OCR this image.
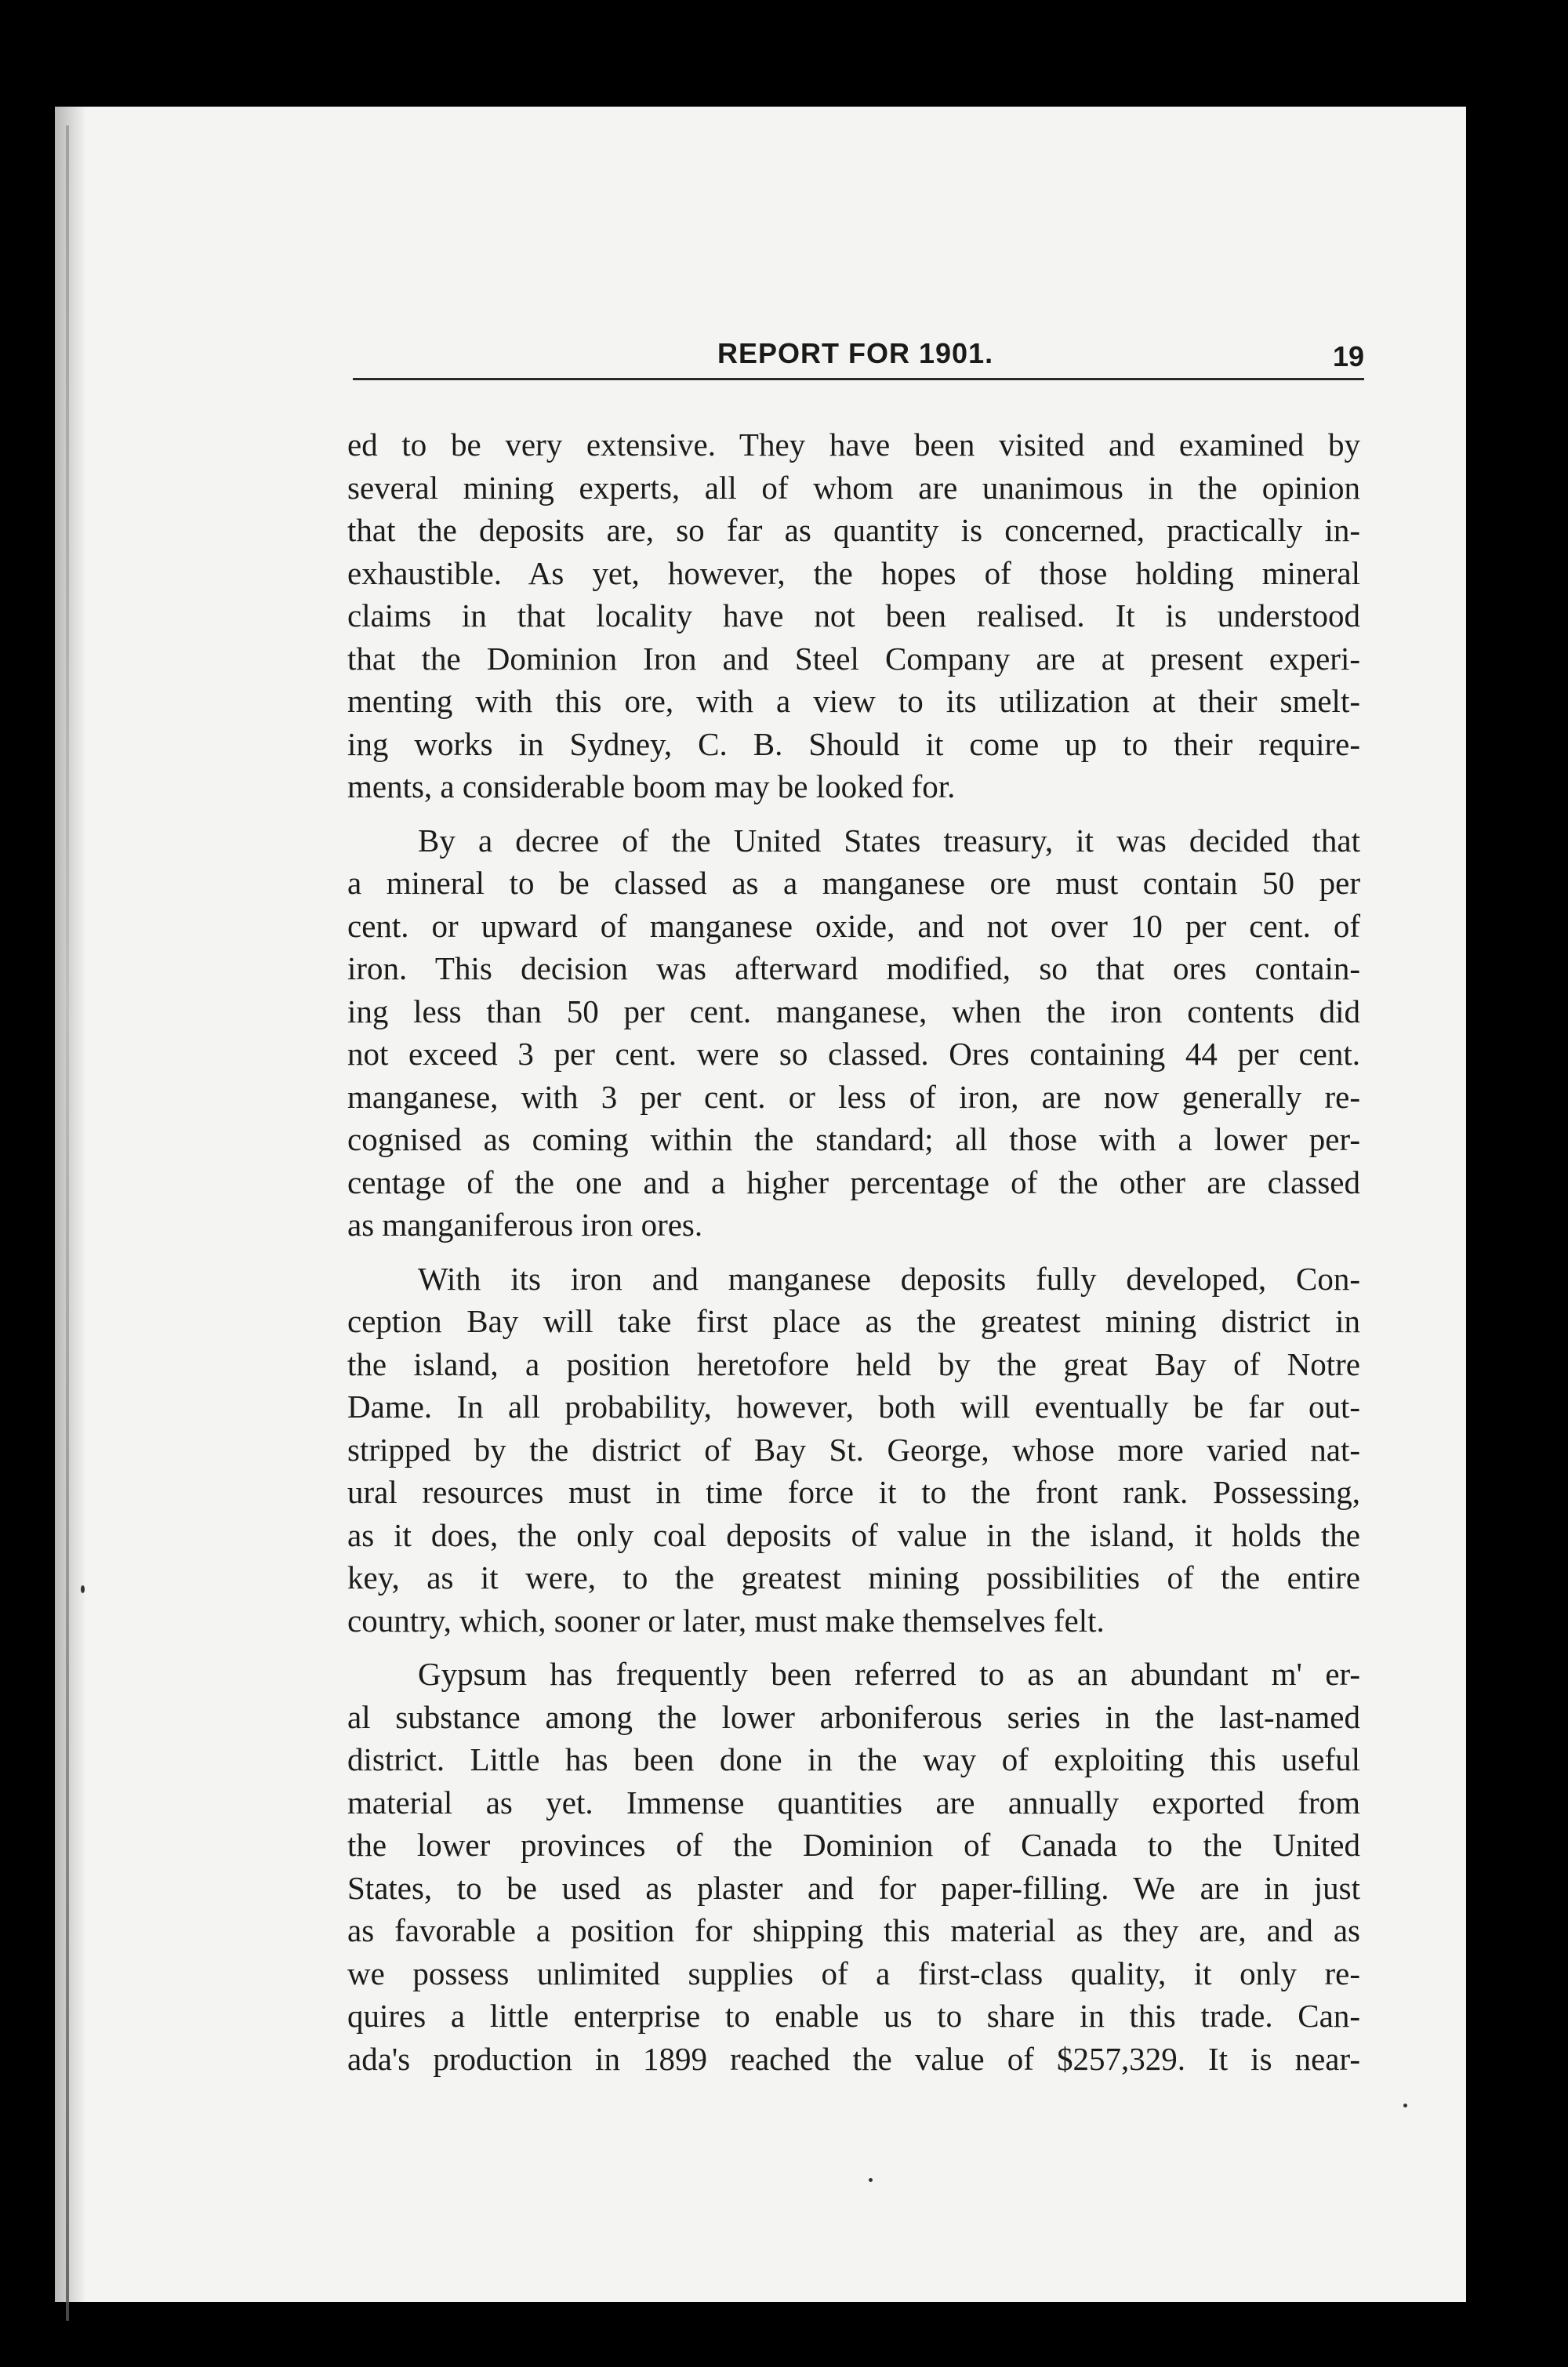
REPORT FOR 1901.	19
ed to be very extensive. They have been visited and examined by
several mining experts, all of whom are unanimous in the opinion
that the deposits are, so far as quantity is concerned, practically in-
exhaustible. As yet, however, the hopes of those holding mineral
claims in that locality have not been realised. It is understood
that the Dominion Iron and Steel Company are at present experi-
menting with this ore, with a view to its utilization at their smelt-
ing works in Sydney, C. B. Should it come up to their require-
ments, a considerable boom may be looked for.
By a decree of the United States treasury, it was decided that
a mineral to be classed as a manganese ore must contain 50 per
cent. or upward of manganese oxide, and not over 10 per cent. of
iron. This decision was afterward modified, so that ores contain-
ing less than 50 per cent. manganese, when the iron contents did
not exceed 3 per cent. were so classed. Ores containing 44 per cent.
manganese, with 3 per cent. or less of iron, are now generally re-
cognised as coming within the standard; all those with a lower per-
centage of the one and a higher percentage of the other are classed
as manganiferous iron ores.
With its iron and manganese deposits fully developed, Con-
ception Bay will take first place as the greatest mining district in
the island, a position heretofore held by the great Bay of Notre
Dame. In all probability, however, both will eventually be far out-
stripped by the district of Bay St. George, whose more varied nat-
ural resources must in time force it to the front rank. Possessing,
as it does, the only coal deposits of value in the island, it holds the
key, as it were, to the greatest mining possibilities of the entire
country, which, sooner or later, must make themselves felt.
Gypsum has frequently been referred to as an abundant m' er-
al substance among the lower arboniferous series in the last-named
district. Little has been done in the way of exploiting this useful
material as yet. Immense quantities are annually exported from
the lower provinces of the Dominion of Canada to the United
States, to be used as plaster and for paper-filling. We are in just
as favorable a position for shipping this material as they are, and as
we possess unlimited supplies of a first-class quality, it only re-
quires a little enterprise to enable us to share in this trade. Can-
ada's production in 1899 reached the value of $257,329. It is near-
